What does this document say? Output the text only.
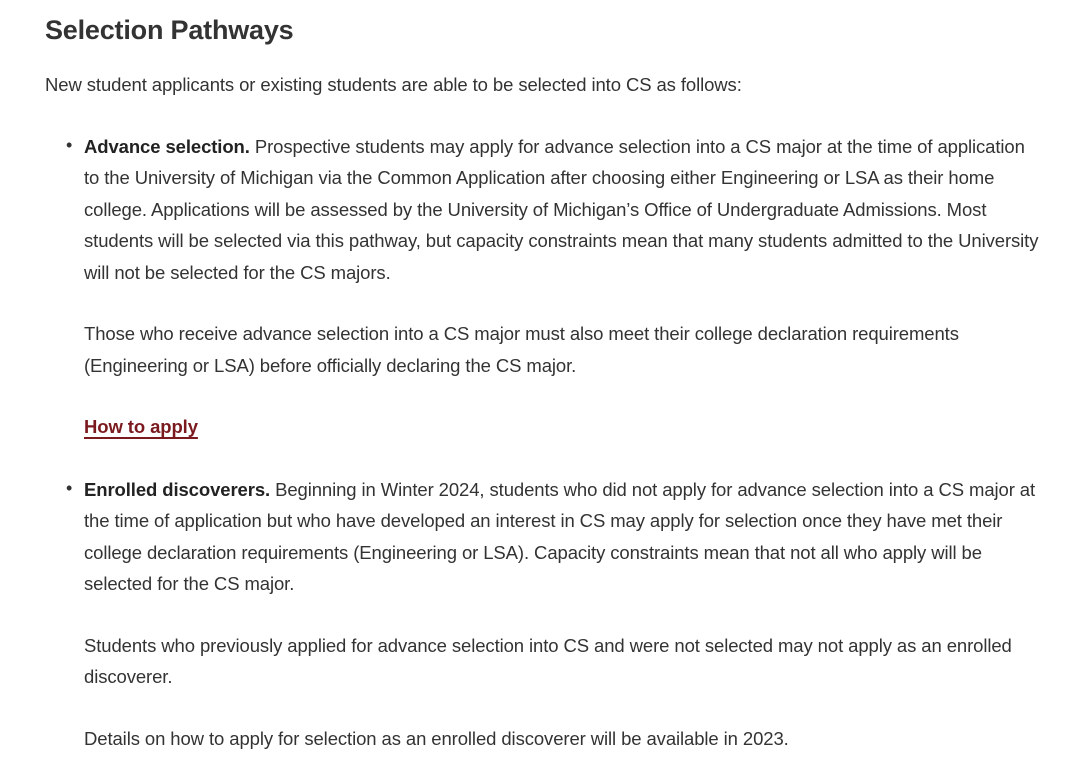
Selection Pathways

New student applicants or existing students are able to be selected into CS as follows:

• Advance selection. Prospective students may apply for advance selection into a CS major at the time of application to the University of Michigan via the Common Application after choosing either Engineering or LSA as their home college. Applications will be assessed by the University of Michigan’s Office of Undergraduate Admissions. Most students will be selected via this pathway, but capacity constraints mean that many students admitted to the University will not be selected for the CS majors.

Those who receive advance selection into a CS major must also meet their college declaration requirements (Engineering or LSA) before officially declaring the CS major.

How to apply

• Enrolled discoverers. Beginning in Winter 2024, students who did not apply for advance selection into a CS major at the time of application but who have developed an interest in CS may apply for selection once they have met their college declaration requirements (Engineering or LSA). Capacity constraints mean that not all who apply will be selected for the CS major.

Students who previously applied for advance selection into CS and were not selected may not apply as an enrolled discoverer.

Details on how to apply for selection as an enrolled discoverer will be available in 2023.
